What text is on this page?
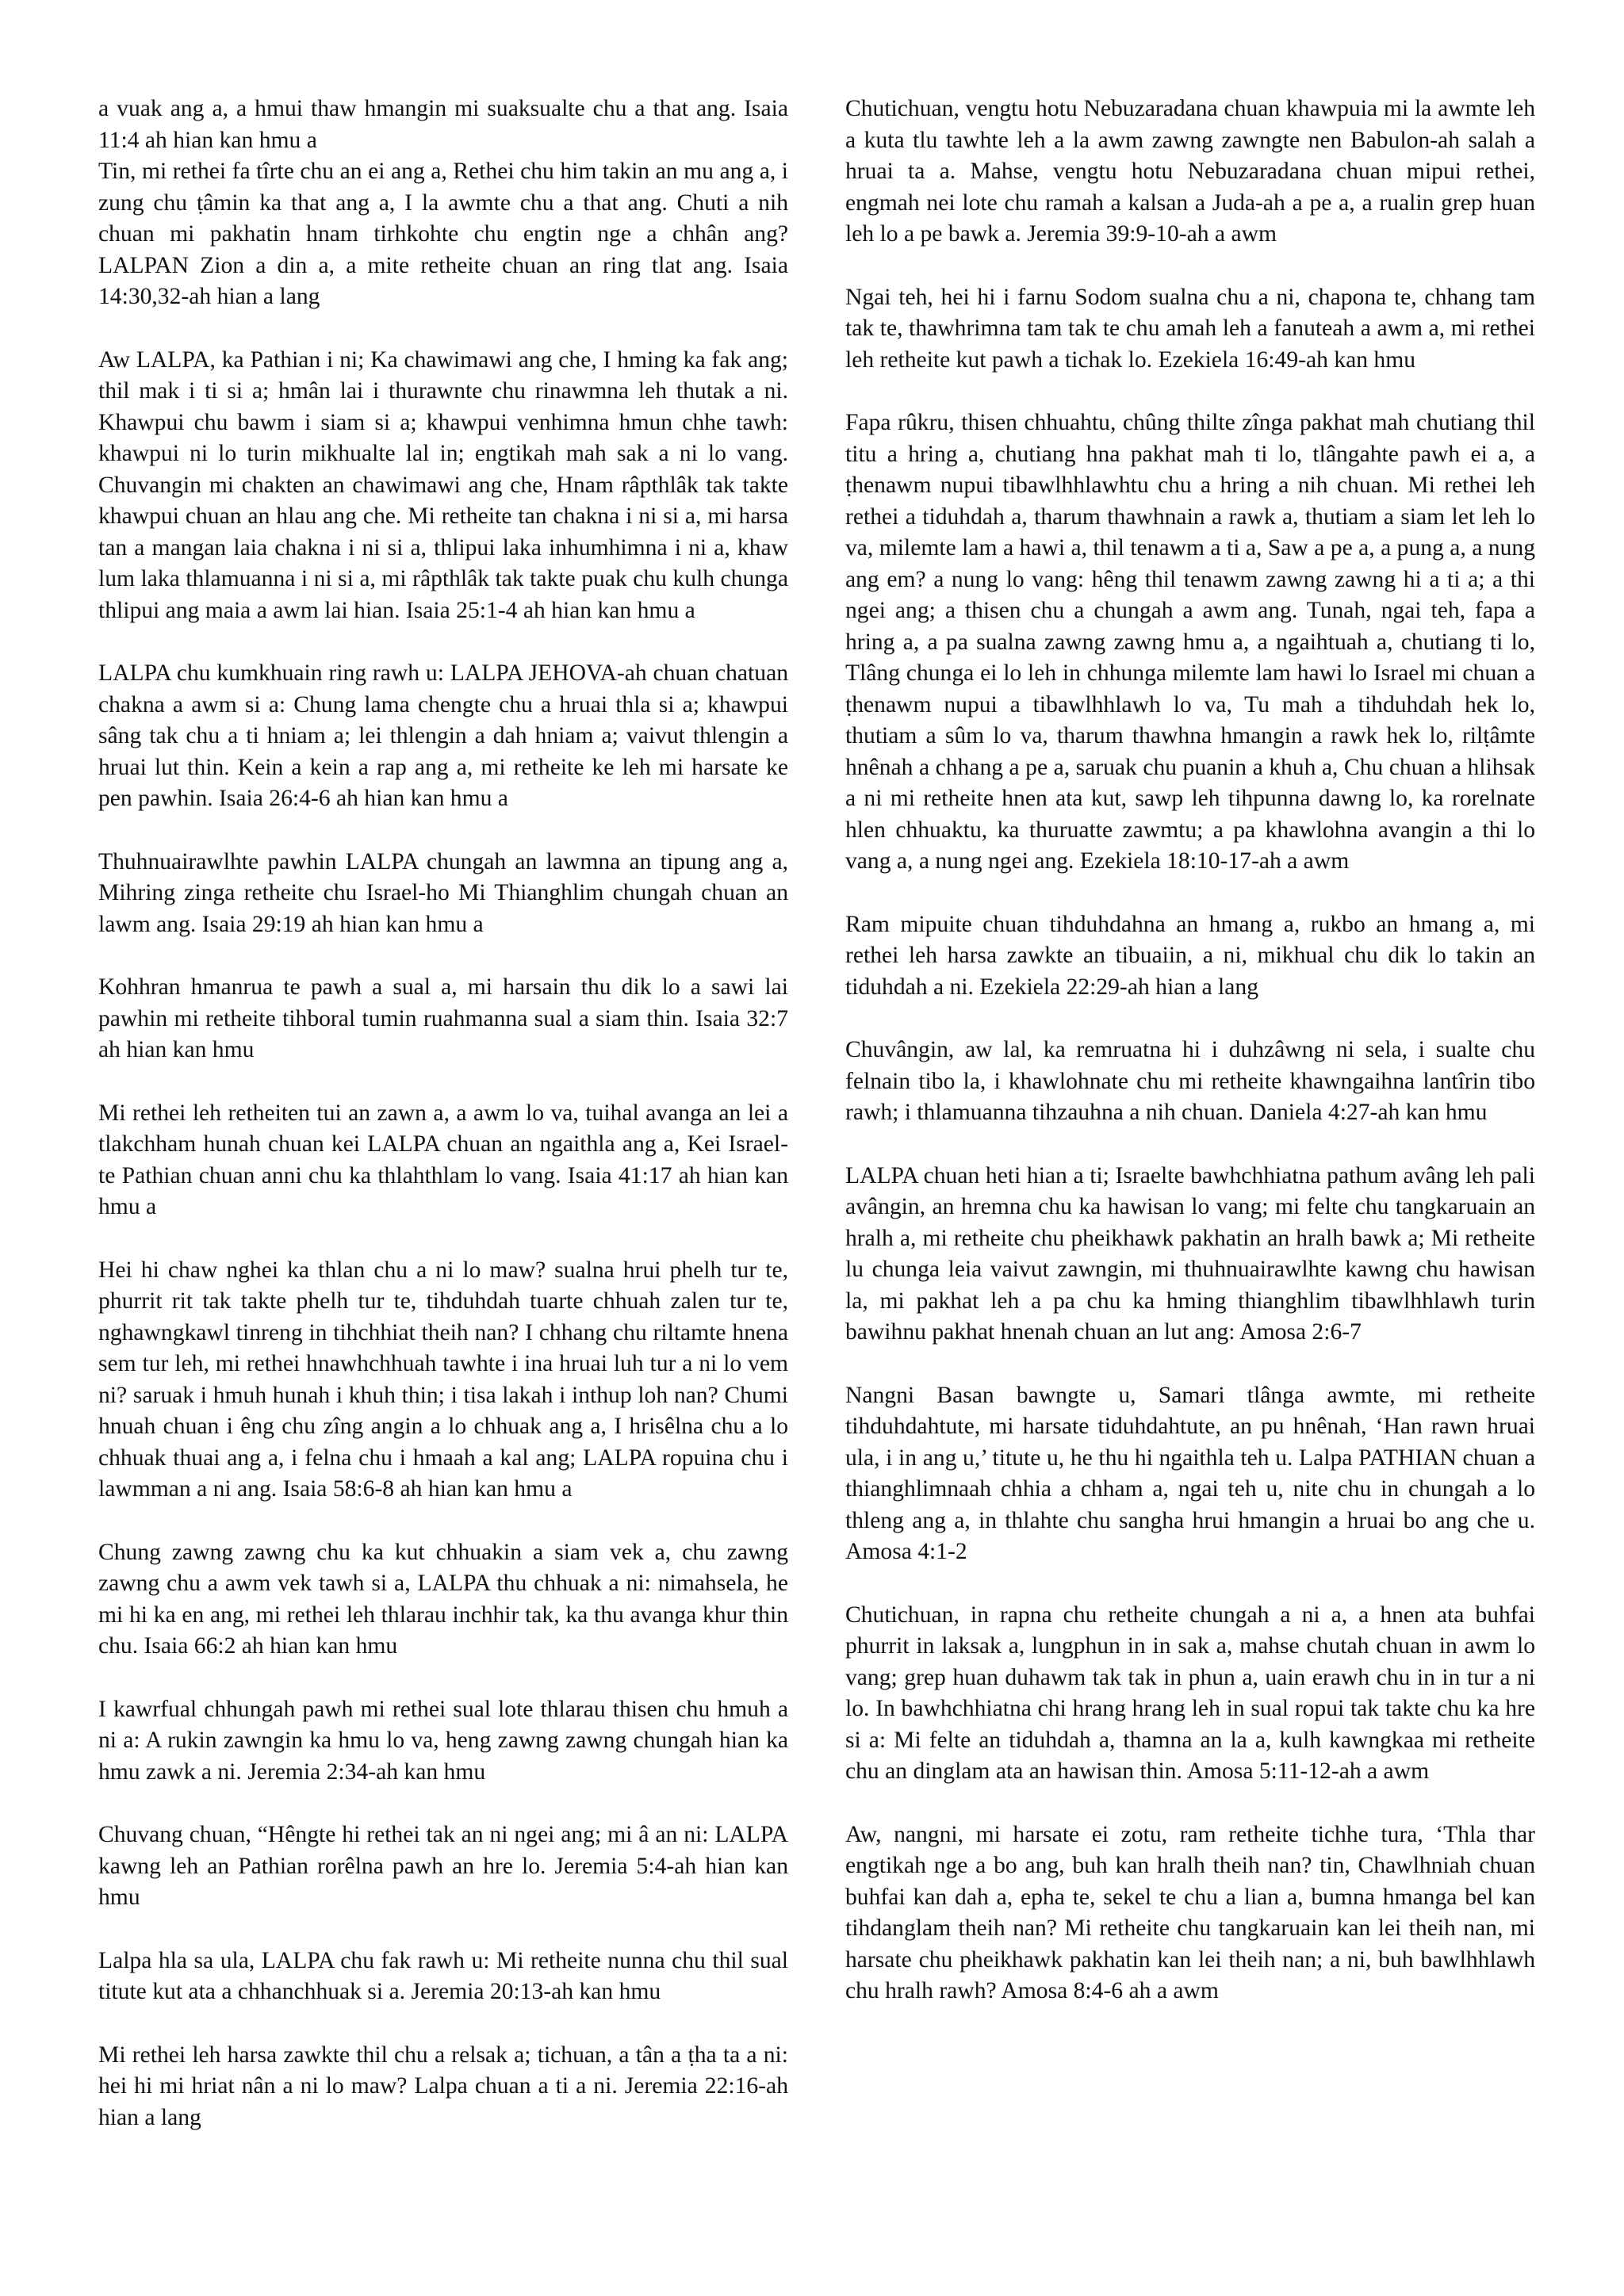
a vuak ang a, a hmui thaw hmangin mi suaksualte chu a that ang. Isaia 11:4 ah hian kan hmu a
Tin, mi rethei fa tîrte chu an ei ang a, Rethei chu him takin an mu ang a, i zung chu ṭâmin ka that ang a, I la awmte chu a that ang. Chuti a nih chuan mi pakhatin hnam tirhkohte chu engtin nge a chhân ang? LALPAN Zion a din a, a mite retheite chuan an ring tlat ang. Isaia 14:30,32-ah hian a lang

Aw LALPA, ka Pathian i ni; Ka chawimawi ang che, I hming ka fak ang; thil mak i ti si a; hmân lai i thurawnte chu rinawmna leh thutak a ni. Khawpui chu bawm i siam si a; khawpui venhimna hmun chhe tawh: khawpui ni lo turin mikhualte lal in; engtikah mah sak a ni lo vang. Chuvangin mi chakten an chawimawi ang che, Hnam râpthlâk tak takte khawpui chuan an hlau ang che. Mi retheite tan chakna i ni si a, mi harsa tan a mangan laia chakna i ni si a, thlipui laka inhumhimna i ni a, khaw lum laka thlamuanna i ni si a, mi râpthlâk tak takte puak chu kulh chunga thlipui ang maia a awm lai hian. Isaia 25:1-4 ah hian kan hmu a

LALPA chu kumkhuain ring rawh u: LALPA JEHOVA-ah chuan chatuan chakna a awm si a: Chung lama chengte chu a hruai thla si a; khawpui sâng tak chu a ti hniam a; lei thlengin a dah hniam a; vaivut thlengin a hruai lut thin. Kein a kein a rap ang a, mi retheite ke leh mi harsate ke pen pawhin. Isaia 26:4-6 ah hian kan hmu a

Thuhnuairawlhte pawhin LALPA chungah an lawmna an tipung ang a, Mihring zinga retheite chu Israel-ho Mi Thianghlim chungah chuan an lawm ang. Isaia 29:19 ah hian kan hmu a

Kohhran hmanrua te pawh a sual a, mi harsain thu dik lo a sawi lai pawhin mi retheite tihboral tumin ruahmanna sual a siam thin. Isaia 32:7 ah hian kan hmu

Mi rethei leh retheiten tui an zawn a, a awm lo va, tuihal avanga an lei a tlakchham hunah chuan kei LALPA chuan an ngaithla ang a, Kei Israel-te Pathian chuan anni chu ka thlahthlam lo vang. Isaia 41:17 ah hian kan hmu a

Hei hi chaw nghei ka thlan chu a ni lo maw? sualna hrui phelh tur te, phurrit rit tak takte phelh tur te, tihduhdah tuarte chhuah zalen tur te, nghawngkawl tinreng in tihchhiat theih nan? I chhang chu riltamte hnena sem tur leh, mi rethei hnawhchhuah tawhte i ina hruai luh tur a ni lo vem ni? saruak i hmuh hunah i khuh thin; i tisa lakah i inthup loh nan? Chumi hnuah chuan i êng chu zîng angin a lo chhuak ang a, I hrisêlna chu a lo chhuak thuai ang a, i felna chu i hmaah a kal ang; LALPA ropuina chu i lawmman a ni ang. Isaia 58:6-8 ah hian kan hmu a

Chung zawng zawng chu ka kut chhuakin a siam vek a, chu zawng zawng chu a awm vek tawh si a, LALPA thu chhuak a ni: nimahsela, he mi hi ka en ang, mi rethei leh thlarau inchhir tak, ka thu avanga khur thin chu. Isaia 66:2 ah hian kan hmu

I kawrfual chhungah pawh mi rethei sual lote thlarau thisen chu hmuh a ni a: A rukin zawngin ka hmu lo va, heng zawng zawng chungah hian ka hmu zawk a ni. Jeremia 2:34-ah kan hmu

Chuvang chuan, “Hêngte hi rethei tak an ni ngei ang; mi â an ni: LALPA kawng leh an Pathian rorêlna pawh an hre lo. Jeremia 5:4-ah hian kan hmu

Lalpa hla sa ula, LALPA chu fak rawh u: Mi retheite nunna chu thil sual titute kut ata a chhanchhuak si a. Jeremia 20:13-ah kan hmu

Mi rethei leh harsa zawkte thil chu a relsak a; tichuan, a tân a ṭha ta a ni: hei hi mi hriat nân a ni lo maw? Lalpa chuan a ti a ni. Jeremia 22:16-ah hian a lang

Chutichuan, vengtu hotu Nebuzaradana chuan khawpuia mi la awmte leh a kuta tlu tawhte leh a la awm zawng zawngte nen Babulon-ah salah a hruai ta a. Mahse, vengtu hotu Nebuzaradana chuan mipui rethei, engmah nei lote chu ramah a kalsan a Juda-ah a pe a, a rualin grep huan leh lo a pe bawk a. Jeremia 39:9-10-ah a awm

Ngai teh, hei hi i farnu Sodom sualna chu a ni, chapona te, chhang tam tak te, thawhrimna tam tak te chu amah leh a fanuteah a awm a, mi rethei leh retheite kut pawh a tichak lo. Ezekiela 16:49-ah kan hmu

Fapa rûkru, thisen chhuahtu, chûng thilte zînga pakhat mah chutiang thil titu a hring a, chutiang hna pakhat mah ti lo, tlângahte pawh ei a, a ṭhenawm nupui tibawlhhlawhtu chu a hring a nih chuan. Mi rethei leh rethei a tiduhdah a, tharum thawhnain a rawk a, thutiam a siam let leh lo va, milemte lam a hawi a, thil tenawm a ti a, Saw a pe a, a pung a, a nung ang em? a nung lo vang: hêng thil tenawm zawng zawng hi a ti a; a thi ngei ang; a thisen chu a chungah a awm ang. Tunah, ngai teh, fapa a hring a, a pa sualna zawng zawng hmu a, a ngaihtuah a, chutiang ti lo, Tlâng chunga ei lo leh in chhunga milemte lam hawi lo Israel mi chuan a ṭhenawm nupui a tibawlhhlawh lo va, Tu mah a tihduhdah hek lo, thutiam a sûm lo va, tharum thawhna hmangin a rawk hek lo, rilṭâmte hnênah a chhang a pe a, saruak chu puanin a khuh a, Chu chuan a hlihsak a ni mi retheite hnen ata kut, sawp leh tihpunna dawng lo, ka rorelnate hlen chhuaktu, ka thuruatte zawmtu; a pa khawlohna avangin a thi lo vang a, a nung ngei ang. Ezekiela 18:10-17-ah a awm

Ram mipuite chuan tihduhdahna an hmang a, rukbo an hmang a, mi rethei leh harsa zawkte an tibuaiin, a ni, mikhual chu dik lo takin an tiduhdah a ni. Ezekiela 22:29-ah hian a lang

Chuvângin, aw lal, ka remruatna hi i duhzâwng ni sela, i sualte chu felnain tibo la, i khawlohnate chu mi retheite khawngaihna lantîrin tibo rawh; i thlamuanna tihzauhna a nih chuan. Daniela 4:27-ah kan hmu

LALPA chuan heti hian a ti; Israelte bawhchhiatna pathum avâng leh pali avângin, an hremna chu ka hawisan lo vang; mi felte chu tangkaruain an hralh a, mi retheite chu pheikhawk pakhatin an hralh bawk a; Mi retheite lu chunga leia vaivut zawngin, mi thuhnuairawlhte kawng chu hawisan la, mi pakhat leh a pa chu ka hming thianghlim tibawlhhlawh turin bawihnu pakhat hnenah chuan an lut ang: Amosa 2:6-7

Nangni Basan bawngte u, Samari tlânga awmte, mi retheite tihduhdahtute, mi harsate tiduhdahtute, an pu hnênah, ‘Han rawn hruai ula, i in ang u,’ titute u, he thu hi ngaithla teh u. Lalpa PATHIAN chuan a thianghlimnaah chhia a chham a, ngai teh u, nite chu in chungah a lo thleng ang a, in thlahte chu sangha hrui hmangin a hruai bo ang che u. Amosa 4:1-2

Chutichuan, in rapna chu retheite chungah a ni a, a hnen ata buhfai phurrit in laksak a, lungphun in in sak a, mahse chutah chuan in awm lo vang; grep huan duhawm tak tak in phun a, uain erawh chu in in tur a ni lo. In bawhchhiatna chi hrang hrang leh in sual ropui tak takte chu ka hre si a: Mi felte an tiduhdah a, thamna an la a, kulh kawngkaa mi retheite chu an dinglam ata an hawisan thin. Amosa 5:11-12-ah a awm

Aw, nangni, mi harsate ei zotu, ram retheite tichhe tura, ‘Thla thar engtikah nge a bo ang, buh kan hralh theih nan? tin, Chawlhniah chuan buhfai kan dah a, epha te, sekel te chu a lian a, bumna hmanga bel kan tihdanglam theih nan? Mi retheite chu tangkaruain kan lei theih nan, mi harsate chu pheikhawk pakhatin kan lei theih nan; a ni, buh bawlhhlawh chu hralh rawh? Amosa 8:4-6 ah a awm
